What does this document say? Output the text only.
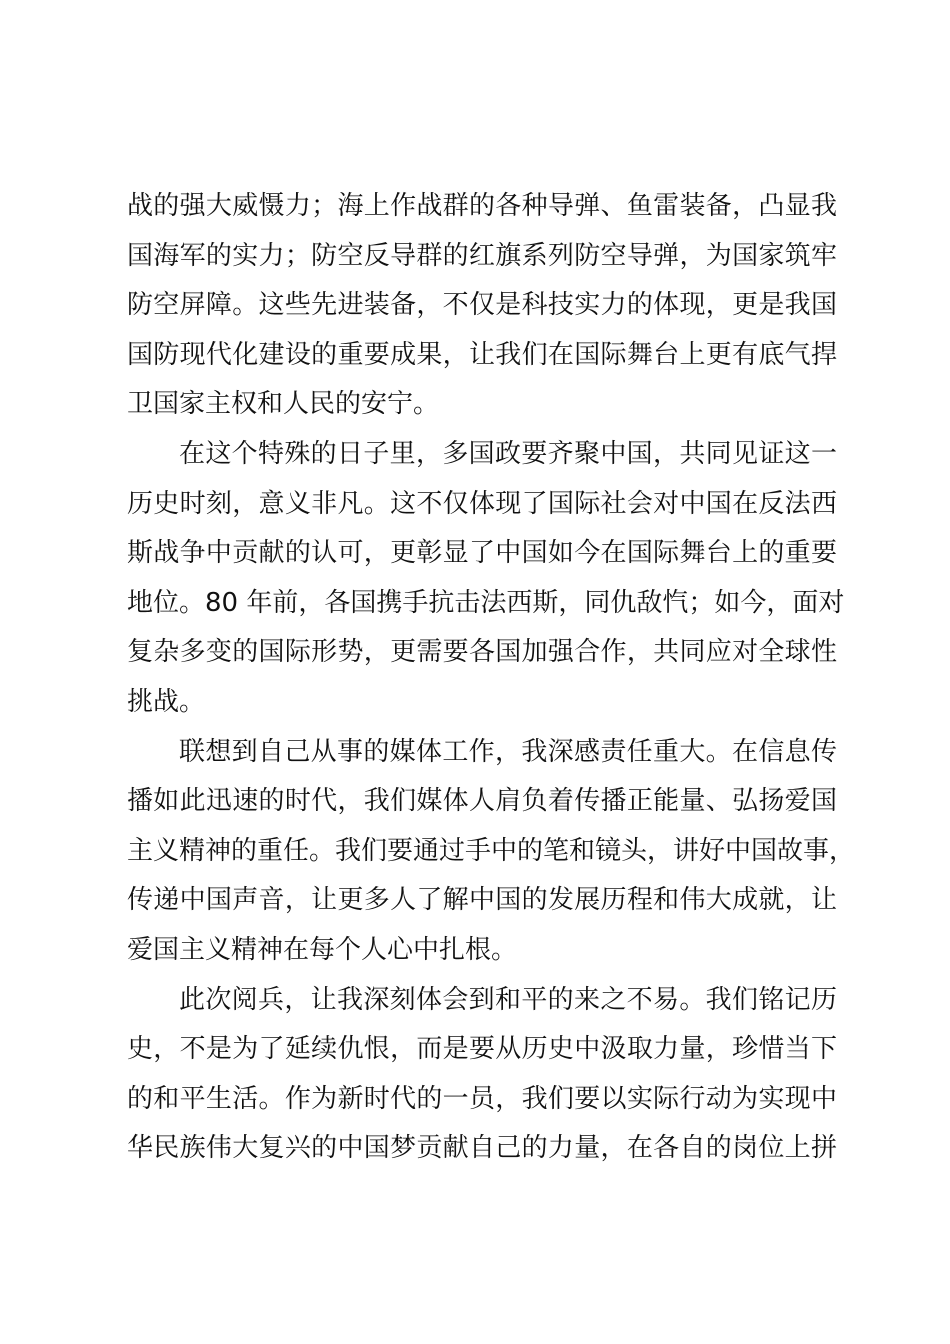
战的强大威慑力；海上作战群的各种导弹、鱼雷装备，凸显我
国海军的实力；防空反导群的红旗系列防空导弹，为国家筑牢
防空屏障。这些先进装备，不仅是科技实力的体现，更是我国
国防现代化建设的重要成果，让我们在国际舞台上更有底气捍
卫国家主权和人民的安宁。
在这个特殊的日子里，多国政要齐聚中国，共同见证这一
历史时刻，意义非凡。这不仅体现了国际社会对中国在反法西
斯战争中贡献的认可，更彰显了中国如今在国际舞台上的重要
地位。80 年前，各国携手抗击法西斯，同仇敌忾；如今，面对
复杂多变的国际形势，更需要各国加强合作，共同应对全球性
挑战。
联想到自己从事的媒体工作，我深感责任重大。在信息传
播如此迅速的时代，我们媒体人肩负着传播正能量、弘扬爱国
主义精神的重任。我们要通过手中的笔和镜头，讲好中国故事，
传递中国声音，让更多人了解中国的发展历程和伟大成就，让
爱国主义精神在每个人心中扎根。
此次阅兵，让我深刻体会到和平的来之不易。我们铭记历
史，不是为了延续仇恨，而是要从历史中汲取力量，珍惜当下
的和平生活。作为新时代的一员，我们要以实际行动为实现中
华民族伟大复兴的中国梦贡献自己的力量，在各自的岗位上拼
